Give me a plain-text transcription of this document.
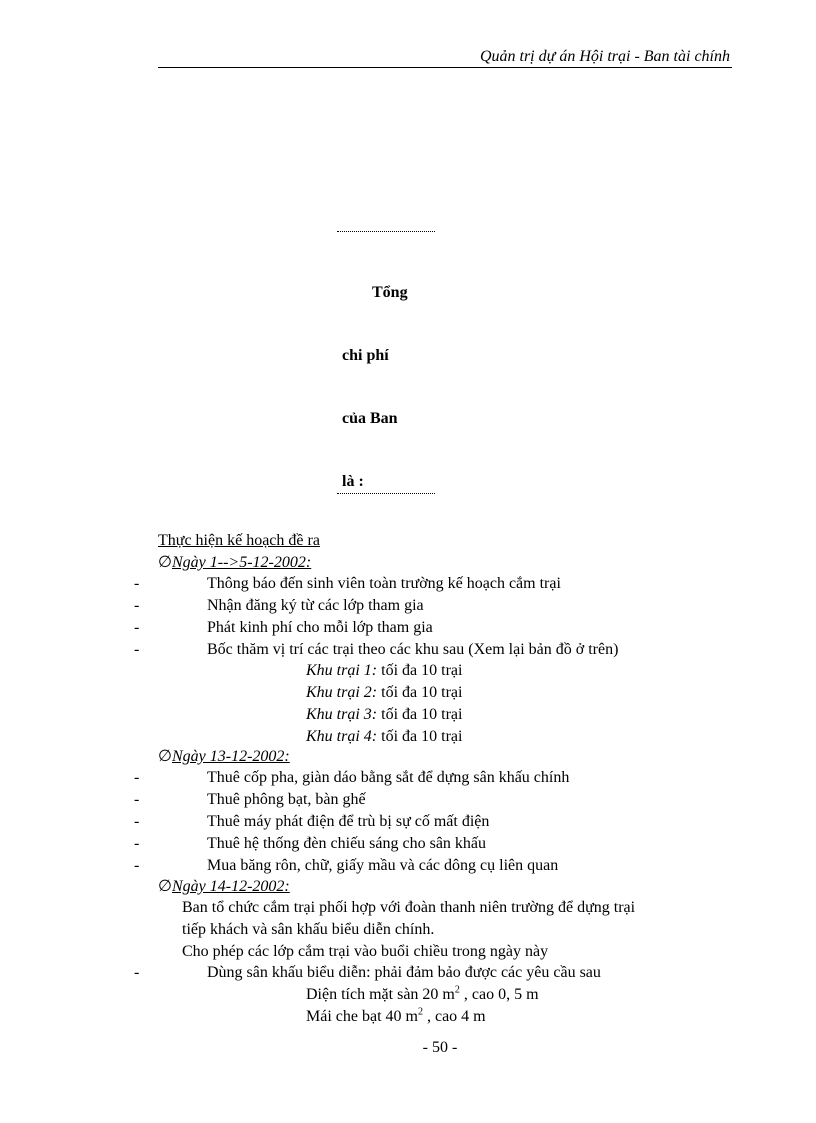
Quản trị dự án Hội trại - Ban tài chính

Tổng

chi phí

của Ban

là :

Thực hiện kế hoạch đề ra
∅Ngày 1-->5-12-2002:
-	Thông báo đến sinh viên toàn trường kế hoạch cắm trại
-	Nhận đăng ký từ các lớp tham gia
-	Phát kinh phí cho mỗi lớp tham gia
-	Bốc thăm vị trí các trại theo các khu sau (Xem lại bản đồ ở trên)
Khu trại 1: tối đa 10 trại
Khu trại 2: tối đa 10 trại
Khu trại 3: tối đa 10 trại
Khu trại 4: tối đa 10 trại
∅Ngày 13-12-2002:
-	Thuê cốp pha, giàn dáo bằng sắt để dựng sân khấu chính
-	Thuê phông bạt, bàn ghế
-	Thuê máy phát điện để trù bị sự cố mất điện
-	Thuê hệ thống đèn chiếu sáng cho sân khấu
-	Mua băng rôn, chữ, giấy mầu và các dông cụ liên quan
∅Ngày 14-12-2002:
Ban tổ chức cắm trại phối hợp với đoàn thanh niên trường để dựng trại
tiếp khách và sân khấu biểu diễn chính.
Cho phép các lớp cắm trại vào buổi chiều trong ngày này
-	Dùng sân khấu biểu diễn: phải đảm bảo được các yêu cầu sau
Diện tích mặt sàn 20 $m^2$ , cao 0, 5 m
Mái che bạt 40 $m^2$ , cao 4 m
- 50 -
